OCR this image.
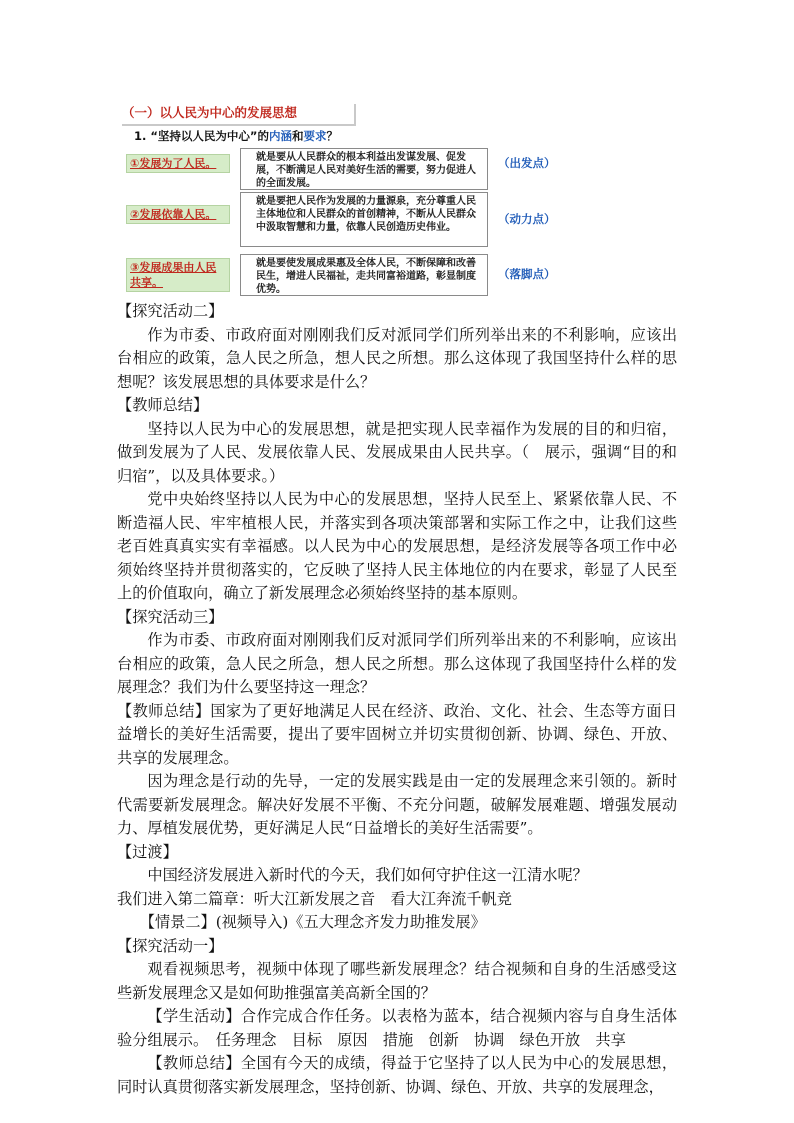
（一）以人民为中心的发展思想
1. “坚持以人民为中心”的内涵和要求？
①发展为了人民。	就是要从人民群众的根本利益出发谋发展、促发展，不断满足人民对美好生活的需要，努力促进人的全面发展。
（出发点）
②发展依靠人民。
就是要把人民作为发展的力量源泉，充分尊重人民主体地位和人民群众的首创精神，不断从人民群众中汲取智慧和力量，依靠人民创造历史伟业。
（动力点）
③发展成果由人民共享。
就是要使发展成果惠及全体人民，不断保障和改善民生，增进人民福祉，走共同富裕道路，彰显制度优势。
（落脚点）

【探究活动二】

作为市委、市政府面对刚刚我们反对派同学们所列举出来的不利影响，应该出台相应的政策，急人民之所急，想人民之所想。那么这体现了我国坚持什么样的思想呢？该发展思想的具体要求是什么？

【教师总结】

坚持以人民为中心的发展思想，就是把实现人民幸福作为发展的目的和归宿，做到发展为了人民、发展依靠人民、发展成果由人民共享。（　展示，强调“目的和归宿”，以及具体要求。）

党中央始终坚持以人民为中心的发展思想，坚持人民至上、紧紧依靠人民、不断造福人民、牢牢植根人民，并落实到各项决策部署和实际工作之中，让我们这些老百姓真真实实有幸福感。以人民为中心的发展思想，是经济发展等各项工作中必须始终坚持并贯彻落实的，它反映了坚持人民主体地位的内在要求，彰显了人民至上的价值取向，确立了新发展理念必须始终坚持的基本原则。

【探究活动三】

作为市委、市政府面对刚刚我们反对派同学们所列举出来的不利影响，应该出台相应的政策，急人民之所急，想人民之所想。那么这体现了我国坚持什么样的发展理念？我们为什么要坚持这一理念？

【教师总结】国家为了更好地满足人民在经济、政治、文化、社会、生态等方面日益增长的美好生活需要，提出了要牢固树立并切实贯彻创新、协调、绿色、开放、共享的发展理念。

因为理念是行动的先导，一定的发展实践是由一定的发展理念来引领的。新时代需要新发展理念。解决好发展不平衡、不充分问题，破解发展难题、增强发展动力、厚植发展优势，更好满足人民“日益增长的美好生活需要”。

【过渡】

中国经济发展进入新时代的今天，我们如何守护住这一江清水呢？

我们进入第二篇章：听大江新发展之音　看大江奔流千帆竞

【情景二】(视频导入)《五大理念齐发力助推发展》

【探究活动一】

观看视频思考，视频中体现了哪些新发展理念？结合视频和自身的生活感受这些新发展理念又是如何助推强富美高新全国的？

【学生活动】合作完成合作任务。以表格为蓝本，结合视频内容与自身生活体验分组展示。　任务理念　目标　原因　措施　创新　协调　绿色开放　共享

【教师总结】全国有今天的成绩，得益于它坚持了以人民为中心的发展思想，同时认真贯彻落实新发展理念，坚持创新、协调、绿色、开放、共享的发展理念，
